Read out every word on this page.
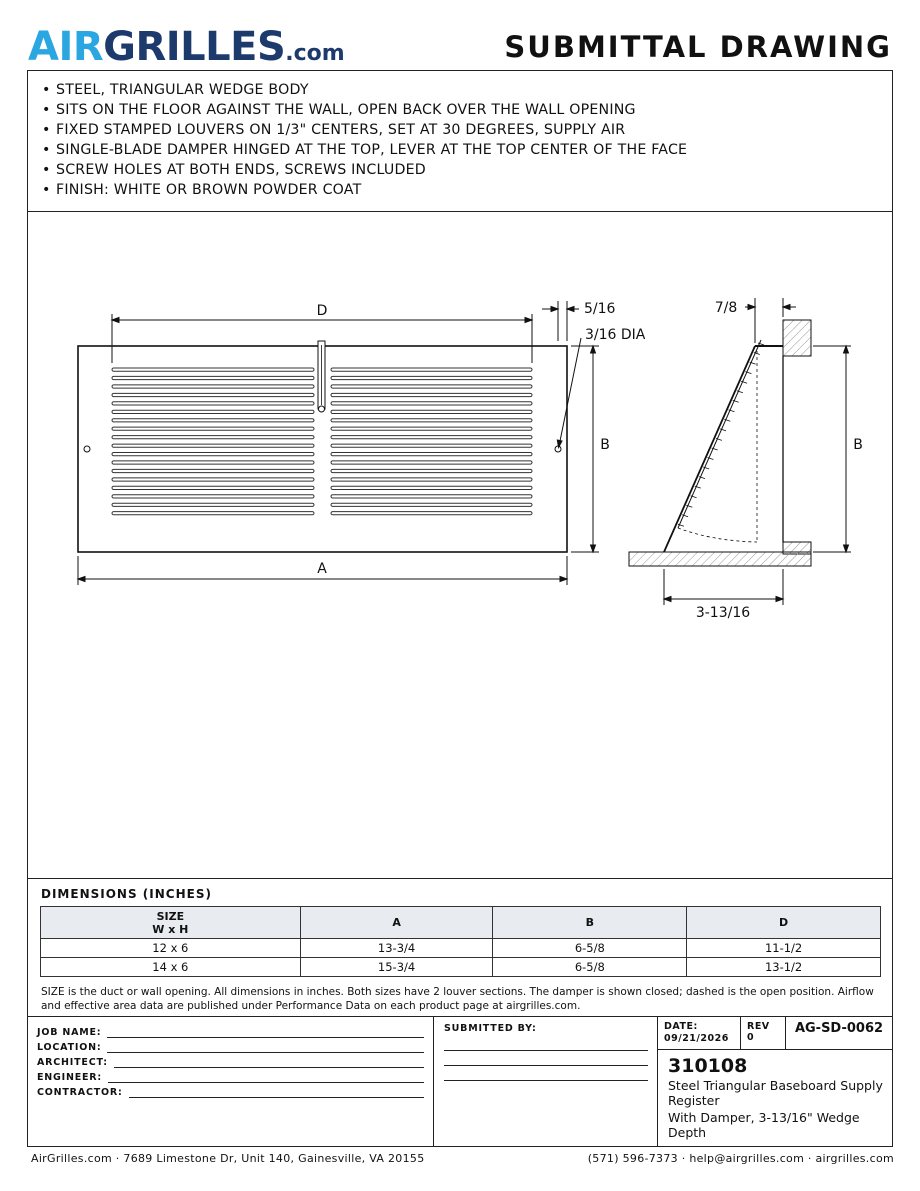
AIRGRILLES.com	SUBMITTAL DRAWING
• STEEL, TRIANGULAR WEDGE BODY
• SITS ON THE FLOOR AGAINST THE WALL, OPEN BACK OVER THE WALL OPENING
• FIXED STAMPED LOUVERS ON 1/3" CENTERS, SET AT 30 DEGREES, SUPPLY AIR
• SINGLE-BLADE DAMPER HINGED AT THE TOP, LEVER AT THE TOP CENTER OF THE FACE
• SCREW HOLES AT BOTH ENDS, SCREWS INCLUDED
• FINISH: WHITE OR BROWN POWDER COAT
D
A
B
5/16
3/16 DIA
7/8
B
3-13/16
DIMENSIONS (INCHES)
SIZE
W x H	A	B	D
12 x 6	13-3/4	6-5/8	11-1/2
14 x 6	15-3/4	6-5/8	13-1/2
SIZE is the duct or wall opening. All dimensions in inches. Both sizes have 2 louver sections. The damper is shown closed; dashed is the open position. Airflow and effective area data are published under Performance Data on each product page at airgrilles.com.
JOB NAME:
LOCATION:
ARCHITECT:
ENGINEER:
CONTRACTOR:
SUBMITTED BY:	DATE:
09/21/2026
REV 0
AG-SD-0062
310108

Steel Triangular Baseboard Supply Register

With Damper, 3-13/16" Wedge Depth

AirGrilles.com · 7689 Limestone Dr, Unit 140, Gainesville, VA 20155	(571) 596-7373 · help@airgrilles.com · airgrilles.com
